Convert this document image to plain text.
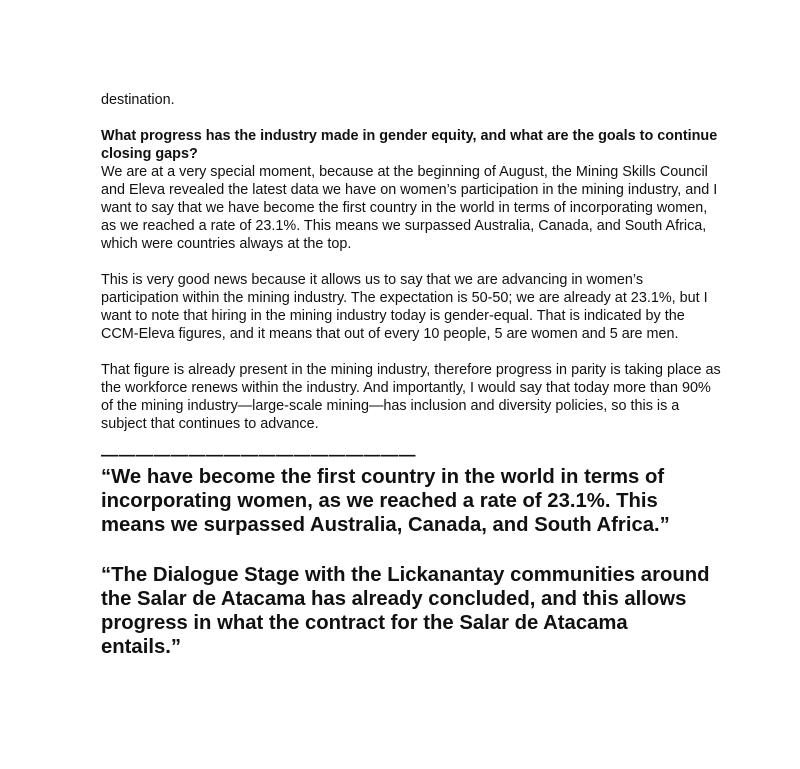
destination.

What progress has the industry made in gender equity, and what are the goals to continue closing gaps?

We are at a very special moment, because at the beginning of August, the Mining Skills Council and Eleva revealed the latest data we have on women’s participation in the mining industry, and I want to say that we have become the first country in the world in terms of incorporating women, as we reached a rate of 23.1%. This means we surpassed Australia, Canada, and South Africa, which were countries always at the top.

This is very good news because it allows us to say that we are advancing in women’s participation within the mining industry. The expectation is 50-50; we are already at 23.1%, but I want to note that hiring in the mining industry today is gender-equal. That is indicated by the CCM-Eleva figures, and it means that out of every 10 people, 5 are women and 5 are men.

That figure is already present in the mining industry, therefore progress in parity is taking place as the workforce renews within the industry. And importantly, I would say that today more than 90% of the mining industry—large-scale mining—has inclusion and diversity policies, so this is a subject that continues to advance.

——————————————————

“We have become the first country in the world in terms of incorporating women, as we reached a rate of 23.1%. This means we surpassed Australia, Canada, and South Africa.”

“The Dialogue Stage with the Lickanantay communities around the Salar de Atacama has already concluded, and this allows progress in what the contract for the Salar de Atacama entails.”
